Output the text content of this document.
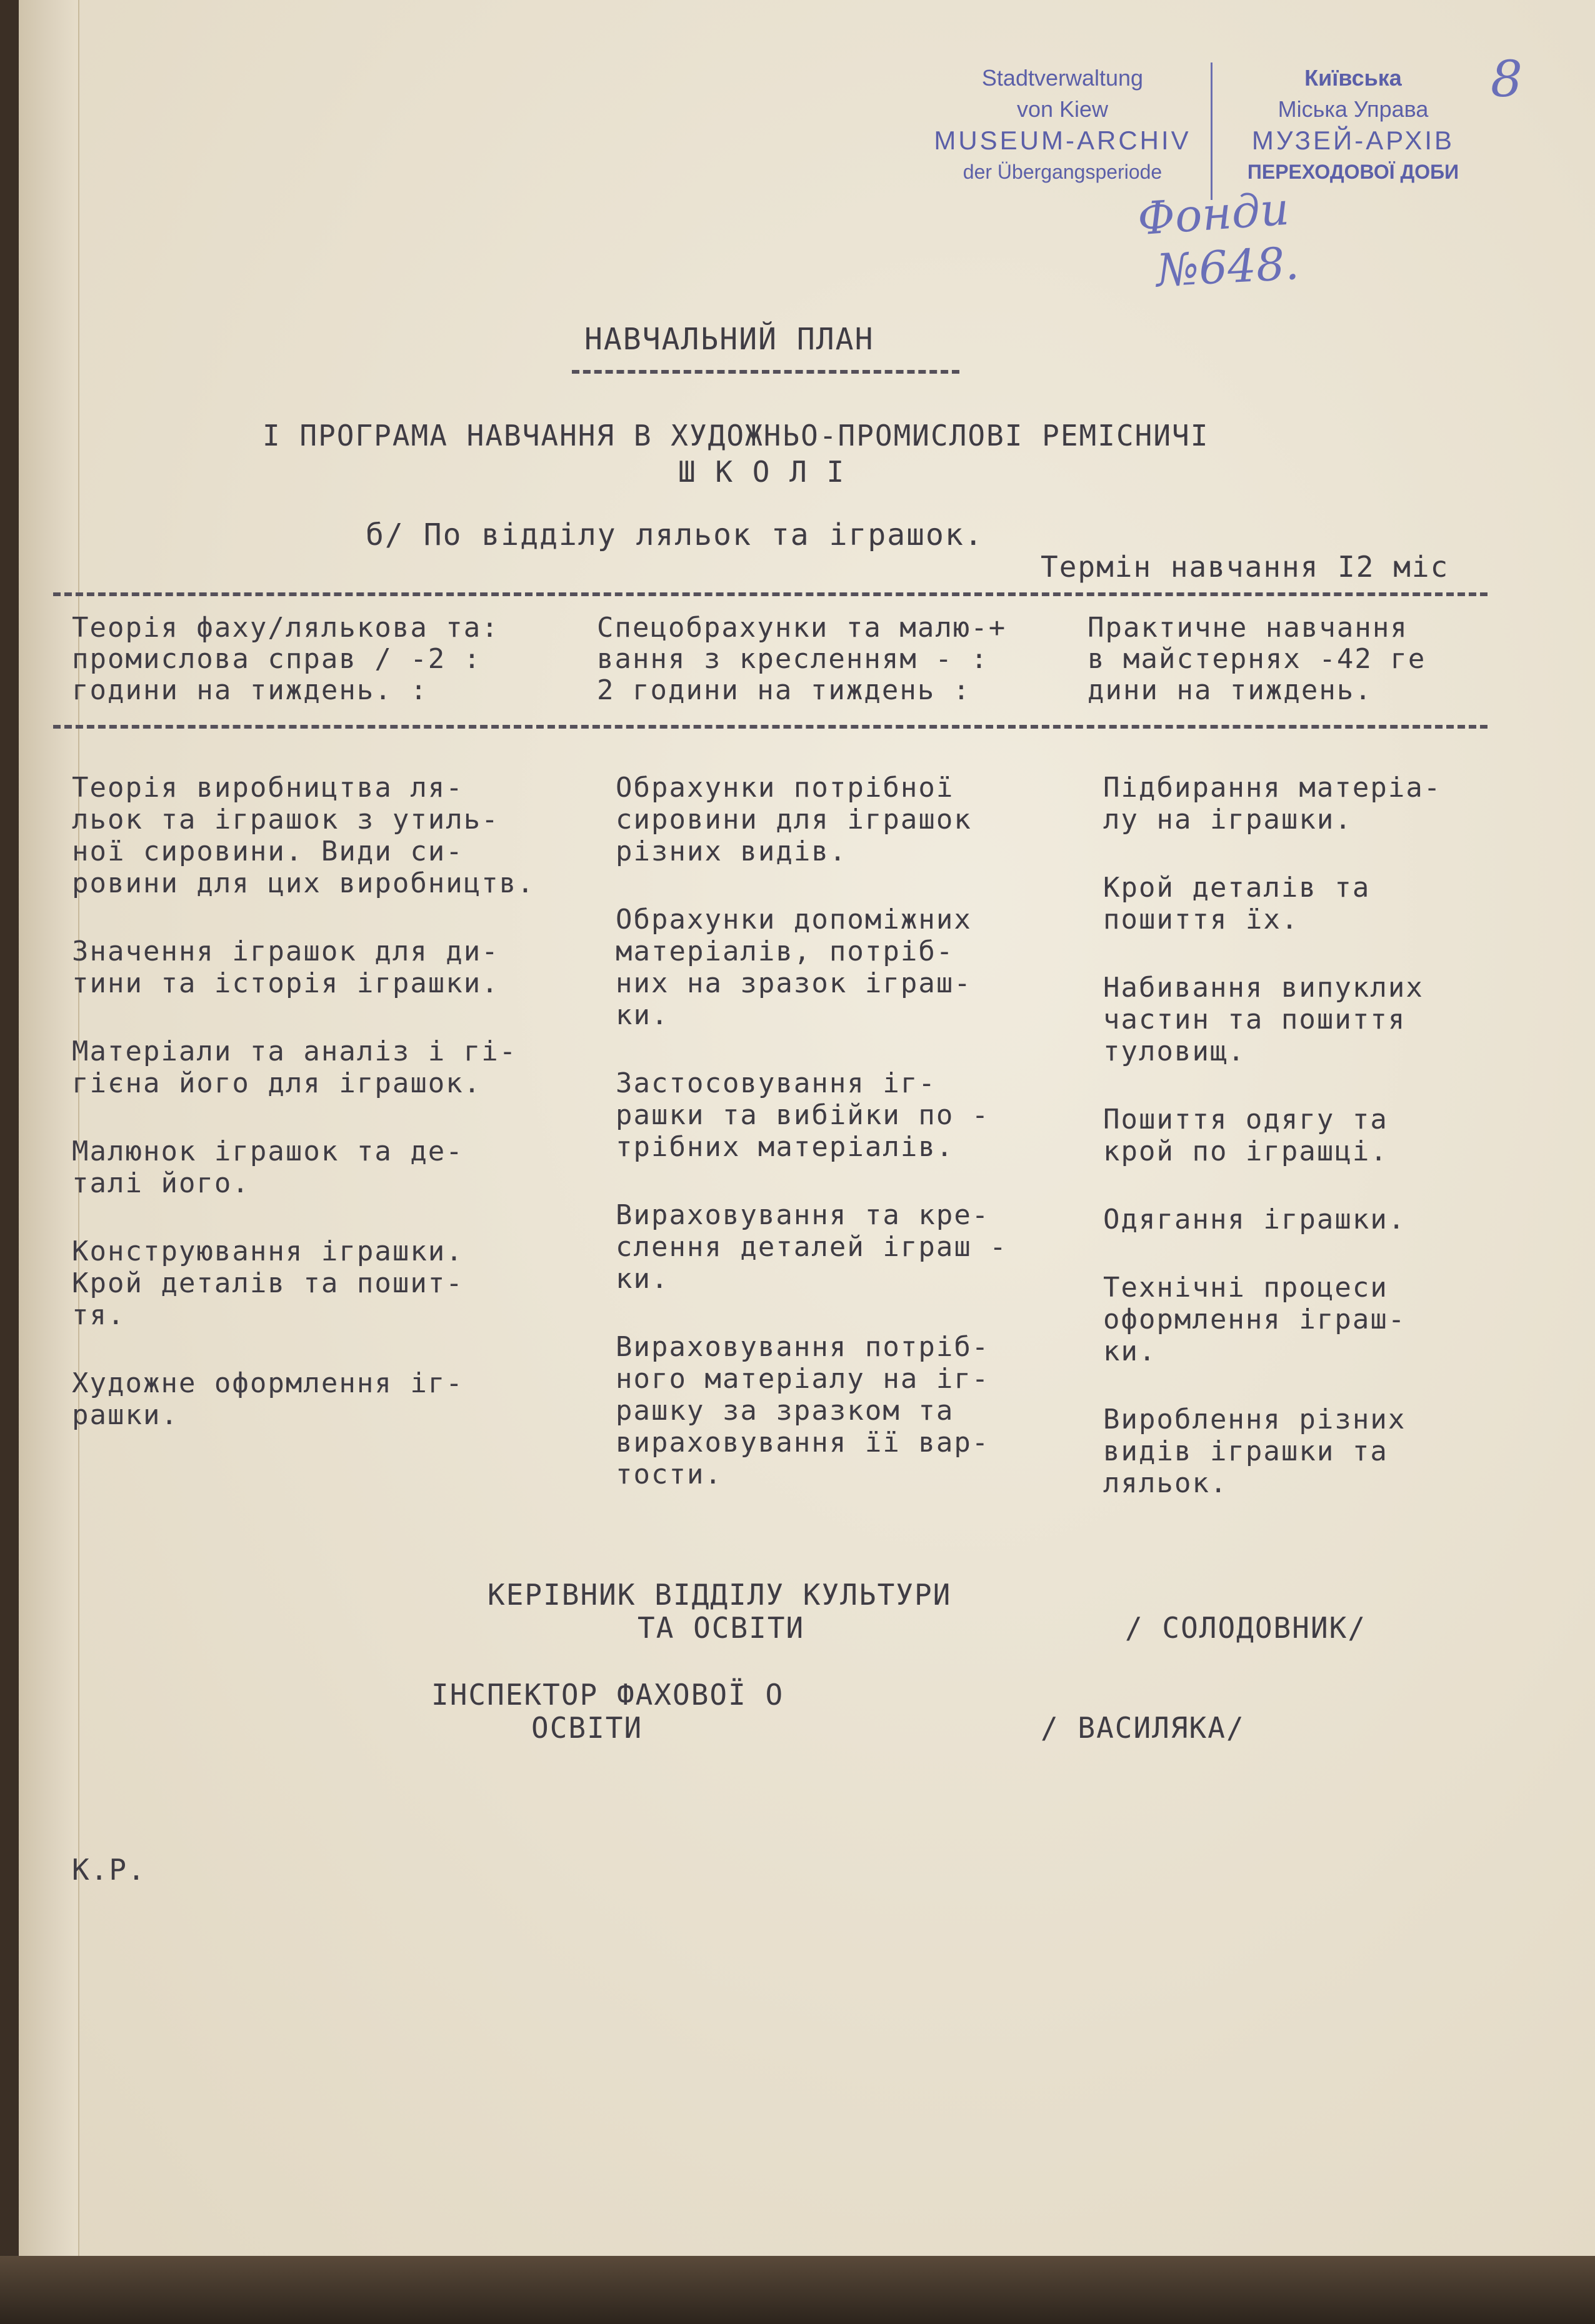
Stadtverwaltung
von Kiew
MUSEUM-ARCHIV
der Übergangsperiode
Київська
Міська Управа
МУЗЕЙ-АРХІВ
ПЕРЕХОДОВОЇ ДОБИ
8
Фонди
№648.
НАВЧАЛЬНИЙ ПЛАН
І ПРОГРАМА НАВЧАННЯ В ХУДОЖНЬО-ПРОМИСЛОВІ РЕМІСНИЧІ
Ш К О Л І
б/ По відділу ляльок та іграшок.
Термін навчання І2 міс
Теорія фаху/ляльковa та:
промислова справ / -2 :
години на тиждень. :
Спецобрахунки та малю-+
вання з кресленням - :
2 години на тиждень :
Практичне навчання
в майстернях -42 ге
дини на тиждень.
Теорія виробництва ля-
льок та іграшок з утиль-
ної сировини. Види си-
ровини для цих виробництв.
Значення іграшок для ди-
тини та історія іграшки.
Матеріали та аналіз і гі-
гієна його для іграшок.
Малюнок іграшок та де-
талі його.
Конструювання іграшки.
Крой деталів та пошит-
тя.
Художне оформлення іг-
рашки.
Обрахунки потрібної
сировини для іграшок
різних видів.
Обрахунки допоміжних
матеріалів, потріб-
них на зразок іграш-
ки.
Застосовування іг-
рашки та вибійки по -
трібних матеріалів.
Вираховування та кре-
слення деталей іграш -
ки.
Вираховування потріб-
ного матеріалу на іг-
рашку за зразком та
вираховування її вар-
тости.
Підбирання матеріа-
лу на іграшки.
Крой деталів та
пошиття їх.
Набивання випуклих
частин та пошиття
туловищ.
Пошиття одягу та
крой по іграшці.
Одягання іграшки.
Технічні процеси
оформлення іграш-
ки.
Вироблення різних
видів іграшки та
ляльок.
КЕРІВНИК ВІДДІЛУ КУЛЬТУРИ
ТА ОСВІТИ	/ СОЛОДОВНИК/
ІНСПЕКТОР ФАХОВОЇ О
ОСВІТИ	/ ВАСИЛЯКА/
К.Р.
